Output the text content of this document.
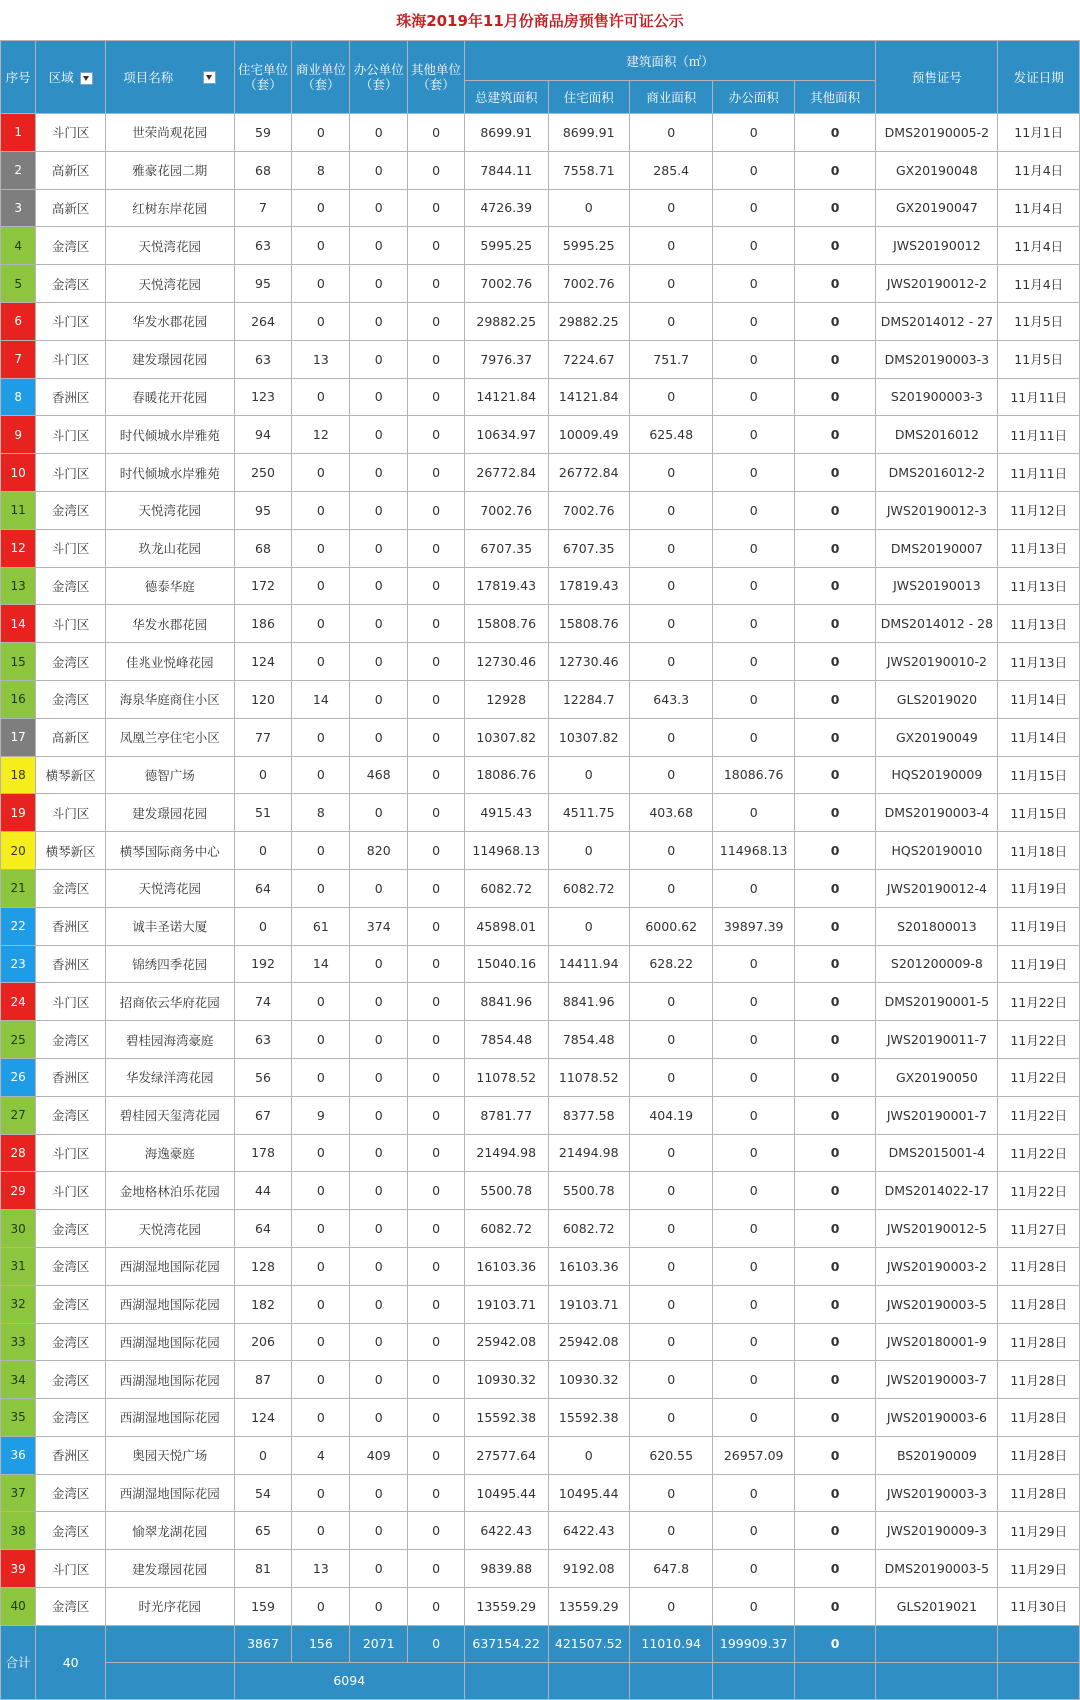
珠海2019年11月份商品房预售许可证公示
序号	区域	项目名称	住宅单位（套）	商业单位（套）	办公单位（套）	其他单位（套）	建筑面积（㎡）					预售证号	发证日期
							总建筑面积	住宅面积	商业面积	办公面积	其他面积		
1	斗门区	世荣尚观花园	59	0	0	0	8699.91	8699.91	0	0	0	DMS20190005-2	11月1日
2	高新区	雅豪花园二期	68	8	0	0	7844.11	7558.71	285.4	0	0	GX20190048	11月4日
3	高新区	红树东岸花园	7	0	0	0	4726.39	0	0	0	0	GX20190047	11月4日
4	金湾区	天悦湾花园	63	0	0	0	5995.25	5995.25	0	0	0	JWS20190012	11月4日
5	金湾区	天悦湾花园	95	0	0	0	7002.76	7002.76	0	0	0	JWS20190012-2	11月4日
6	斗门区	华发水郡花园	264	0	0	0	29882.25	29882.25	0	0	0	DMS2014012 - 27	11月5日
7	斗门区	建发璟园花园	63	13	0	0	7976.37	7224.67	751.7	0	0	DMS20190003-3	11月5日
8	香洲区	春暖花开花园	123	0	0	0	14121.84	14121.84	0	0	0	S201900003-3	11月11日
9	斗门区	时代倾城水岸雅苑	94	12	0	0	10634.97	10009.49	625.48	0	0	DMS2016012	11月11日
10	斗门区	时代倾城水岸雅苑	250	0	0	0	26772.84	26772.84	0	0	0	DMS2016012-2	11月11日
11	金湾区	天悦湾花园	95	0	0	0	7002.76	7002.76	0	0	0	JWS20190012-3	11月12日
12	斗门区	玖龙山花园	68	0	0	0	6707.35	6707.35	0	0	0	DMS20190007	11月13日
13	金湾区	德泰华庭	172	0	0	0	17819.43	17819.43	0	0	0	JWS20190013	11月13日
14	斗门区	华发水郡花园	186	0	0	0	15808.76	15808.76	0	0	0	DMS2014012 - 28	11月13日
15	金湾区	佳兆业悦峰花园	124	0	0	0	12730.46	12730.46	0	0	0	JWS20190010-2	11月13日
16	金湾区	海泉华庭商住小区	120	14	0	0	12928	12284.7	643.3	0	0	GLS2019020	11月14日
17	高新区	凤凰兰亭住宅小区	77	0	0	0	10307.82	10307.82	0	0	0	GX20190049	11月14日
18	横琴新区	德智广场	0	0	468	0	18086.76	0	0	18086.76	0	HQS20190009	11月15日
19	斗门区	建发璟园花园	51	8	0	0	4915.43	4511.75	403.68	0	0	DMS20190003-4	11月15日
20	横琴新区	横琴国际商务中心	0	0	820	0	114968.13	0	0	114968.13	0	HQS20190010	11月18日
21	金湾区	天悦湾花园	64	0	0	0	6082.72	6082.72	0	0	0	JWS20190012-4	11月19日
22	香洲区	诚丰圣诺大厦	0	61	374	0	45898.01	0	6000.62	39897.39	0	S201800013	11月19日
23	香洲区	锦绣四季花园	192	14	0	0	15040.16	14411.94	628.22	0	0	S201200009-8	11月19日
24	斗门区	招商依云华府花园	74	0	0	0	8841.96	8841.96	0	0	0	DMS20190001-5	11月22日
25	金湾区	碧桂园海湾豪庭	63	0	0	0	7854.48	7854.48	0	0	0	JWS20190011-7	11月22日
26	香洲区	华发绿洋湾花园	56	0	0	0	11078.52	11078.52	0	0	0	GX20190050	11月22日
27	金湾区	碧桂园天玺湾花园	67	9	0	0	8781.77	8377.58	404.19	0	0	JWS20190001-7	11月22日
28	斗门区	海逸豪庭	178	0	0	0	21494.98	21494.98	0	0	0	DMS2015001-4	11月22日
29	斗门区	金地格林泊乐花园	44	0	0	0	5500.78	5500.78	0	0	0	DMS2014022-17	11月22日
30	金湾区	天悦湾花园	64	0	0	0	6082.72	6082.72	0	0	0	JWS20190012-5	11月27日
31	金湾区	西湖湿地国际花园	128	0	0	0	16103.36	16103.36	0	0	0	JWS20190003-2	11月28日
32	金湾区	西湖湿地国际花园	182	0	0	0	19103.71	19103.71	0	0	0	JWS20190003-5	11月28日
33	金湾区	西湖湿地国际花园	206	0	0	0	25942.08	25942.08	0	0	0	JWS20180001-9	11月28日
34	金湾区	西湖湿地国际花园	87	0	0	0	10930.32	10930.32	0	0	0	JWS20190003-7	11月28日
35	金湾区	西湖湿地国际花园	124	0	0	0	15592.38	15592.38	0	0	0	JWS20190003-6	11月28日
36	香洲区	奥园天悦广场	0	4	409	0	27577.64	0	620.55	26957.09	0	BS20190009	11月28日
37	金湾区	西湖湿地国际花园	54	0	0	0	10495.44	10495.44	0	0	0	JWS20190003-3	11月28日
38	金湾区	愉翠龙湖花园	65	0	0	0	6422.43	6422.43	0	0	0	JWS20190009-3	11月29日
39	斗门区	建发璟园花园	81	13	0	0	9839.88	9192.08	647.8	0	0	DMS20190003-5	11月29日
40	金湾区	时光序花园	159	0	0	0	13559.29	13559.29	0	0	0	GLS2019021	11月30日
合计	40		3867	156	2071	0	637154.22	421507.52	11010.94	199909.37	0		
			6094										
